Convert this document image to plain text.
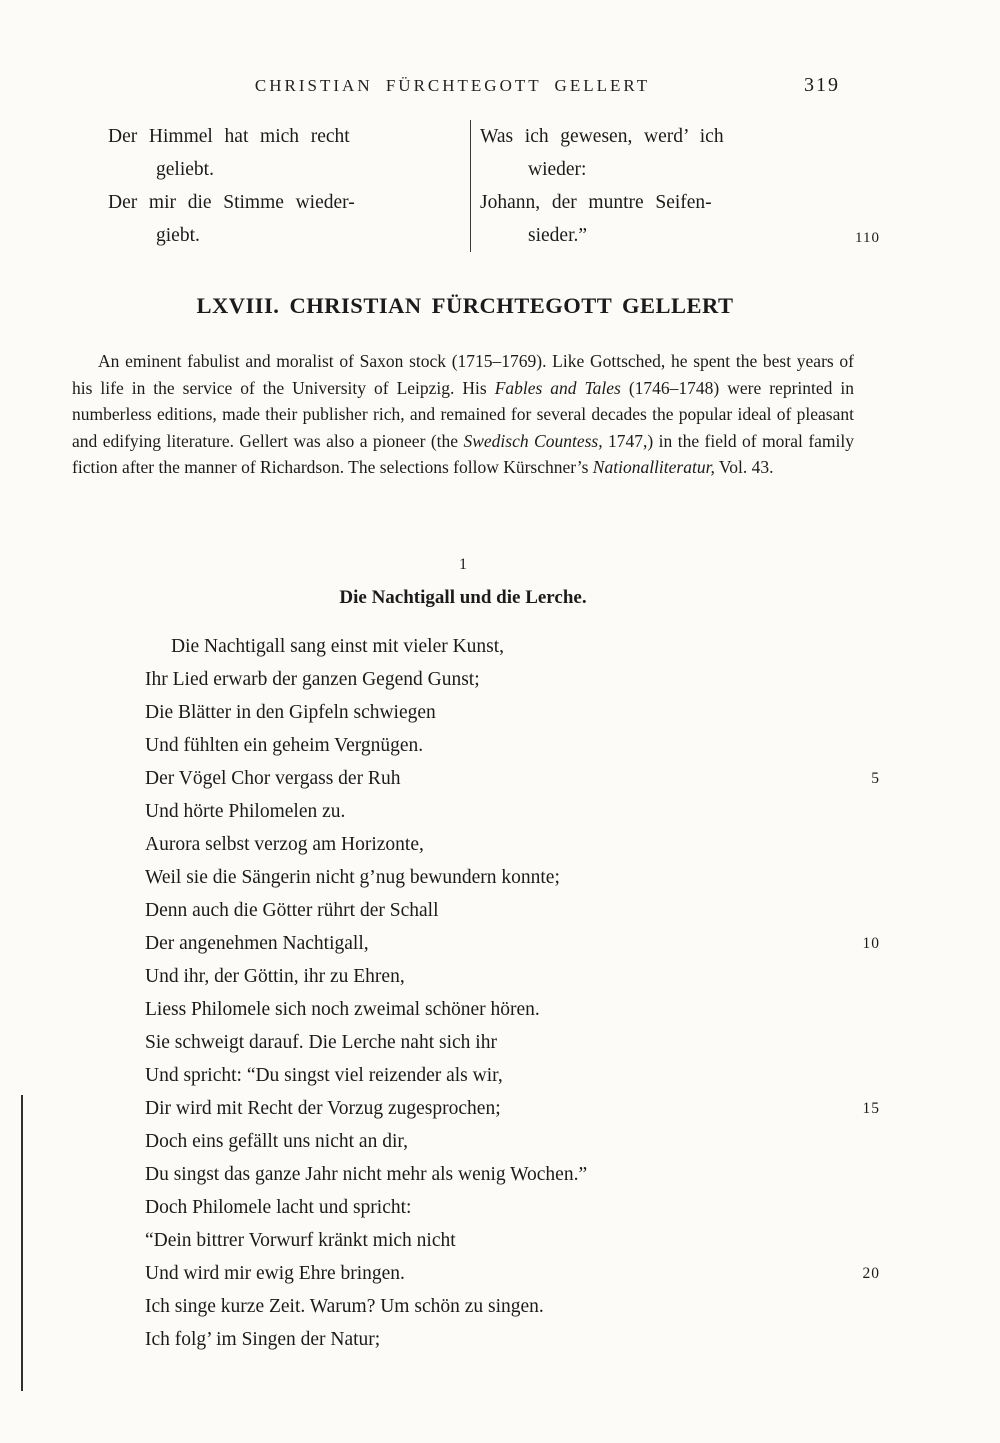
CHRISTIAN FÜRCHTEGOTT GELLERT	319
Der Himmel hat mich recht
geliebt.
Der mir die Stimme wieder-
giebt.
Was ich gewesen, werd’ ich
wieder:
Johann, der muntre Seifen-
sieder.”	110
LXVIII. CHRISTIAN FÜRCHTEGOTT GELLERT

An eminent fabulist and moralist of Saxon stock (1715–1769). Like Gottsched, he spent the best years of his life in the service of the University of Leipzig. His Fables and Tales (1746–1748) were reprinted in numberless editions, made their publisher rich, and remained for several decades the popular ideal of pleasant and edifying literature. Gellert was also a pioneer (the Swedisch Countess, 1747,) in the field of moral family fiction after the manner of Richardson. The selections follow Kürschner’s Nationalliteratur, Vol. 43.

1
Die Nachtigall und die Lerche.
Die Nachtigall sang einst mit vieler Kunst,
Ihr Lied erwarb der ganzen Gegend Gunst;
Die Blätter in den Gipfeln schwiegen
Und fühlten ein geheim Vergnügen.
Der Vögel Chor vergass der Ruh	5
Und hörte Philomelen zu.
Aurora selbst verzog am Horizonte,
Weil sie die Sängerin nicht g’nug bewundern konnte;
Denn auch die Götter rührt der Schall
Der angenehmen Nachtigall,	10
Und ihr, der Göttin, ihr zu Ehren,
Liess Philomele sich noch zweimal schöner hören.
Sie schweigt darauf. Die Lerche naht sich ihr
Und spricht: “Du singst viel reizender als wir,
Dir wird mit Recht der Vorzug zugesprochen;	15
Doch eins gefällt uns nicht an dir,
Du singst das ganze Jahr nicht mehr als wenig Wochen.”
Doch Philomele lacht und spricht:
“Dein bittrer Vorwurf kränkt mich nicht
Und wird mir ewig Ehre bringen.	20
Ich singe kurze Zeit. Warum? Um schön zu singen.
Ich folg’ im Singen der Natur;
